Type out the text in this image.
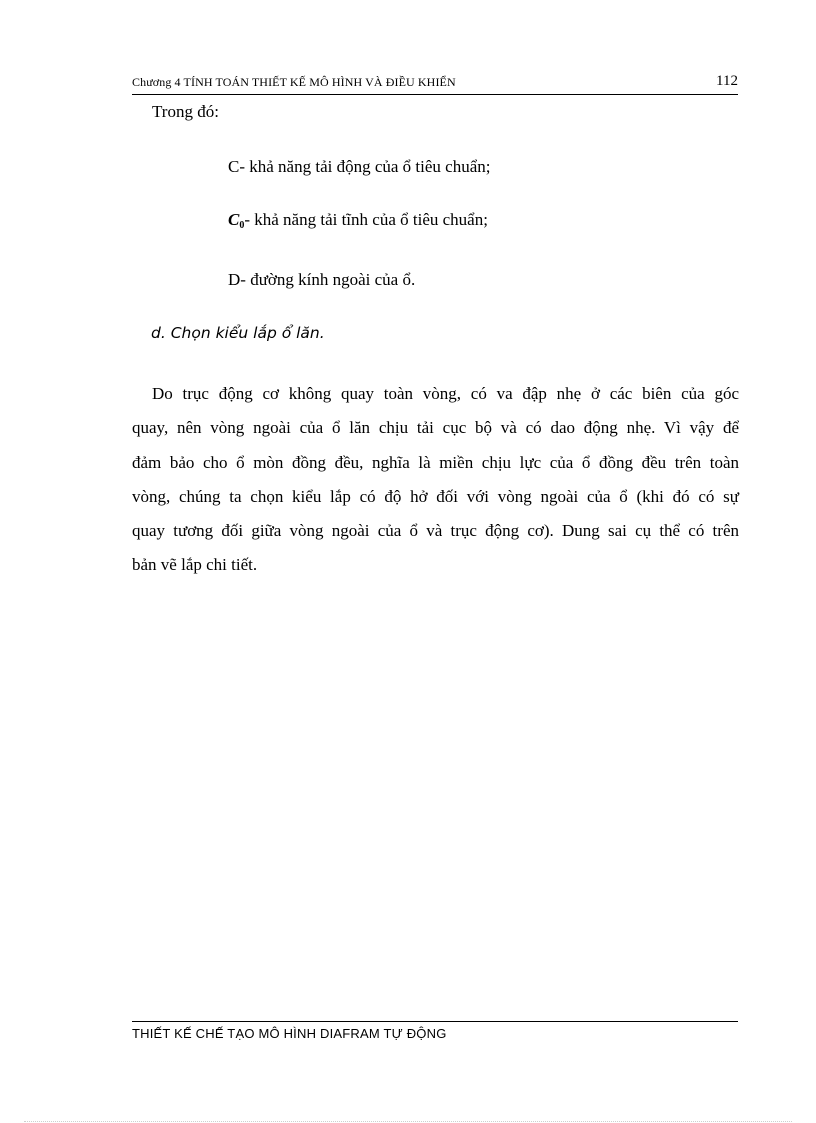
Chương 4 TÍNH TOÁN THIẾT KẾ MÔ HÌNH VÀ ĐIỀU KHIỂN	112
Trong đó:
C- khả năng tải động của ổ tiêu chuẩn;
$C_0-$ khả năng tải tĩnh của ổ tiêu chuẩn;
D- đường kính ngoài của ổ.
d. Chọn kiểu lắp ổ lăn.
Do trục động cơ không quay toàn vòng, có va đập nhẹ ở các biên của góc
quay, nên vòng ngoài của ổ lăn chịu tải cục bộ và có dao động nhẹ. Vì vậy để
đảm bảo cho ổ mòn đồng đều, nghĩa là miền chịu lực của ổ đồng đều trên toàn
vòng, chúng ta chọn kiểu lắp có độ hở đối với vòng ngoài của ổ (khi đó có sự
quay tương đối giữa vòng ngoài của ổ và trục động cơ). Dung sai cụ thể có trên
bản vẽ lắp chi tiết.
THIẾT KẾ CHẾ TẠO MÔ HÌNH DIAFRAM TỰ ĐỘNG
